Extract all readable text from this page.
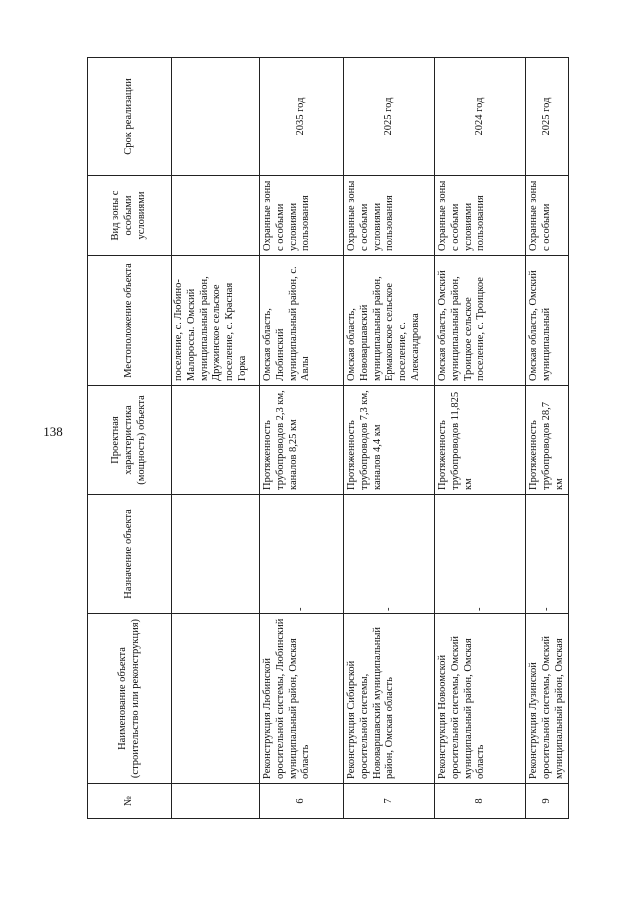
138
№	Наименование объекта (строительство или реконструкция)	Назначение объекта	Проектная характеристика (мощность) объекта	Местоположение объекта	Вид зоны с особыми условиями	Срок реализации
				поселение, с. Любино-Малороссы. Омский муниципальный район, Дружинское сельское поселение, с. Красная Горка		
6	Реконструкция Любинской оросительной системы, Любинский муниципальный район, Омская область	-	Протяженность трубопроводов 2,3 км, каналов 8,25 км	Омская область, Любинский муниципальный район, с. Авлы	Охранные зоны с особыми условиями пользования	2035 год
7	Реконструкция Сибирской оросительной системы, Нововаршавский муниципальный район, Омская область	-	Протяженность трубопроводов 7,3 км, каналов 4,4 км	Омская область, Нововаршавский муниципальный район, Ермаковское сельское поселение, с. Александровка	Охранные зоны с особыми условиями пользования	2025 год
8	Реконструкция Новоомской оросительной системы, Омский муниципальный район, Омская область	-	Протяженность трубопроводов 11,825 км	Омская область, Омский муниципальный район, Троицкое сельское поселение, с. Троицкое	Охранные зоны с особыми условиями пользования	2024 год
9	Реконструкция Лузинской оросительной системы, Омский муниципальный район, Омская	-	Протяженность трубопроводов 28,7 км	Омская область, Омский муниципальный	Охранные зоны с особыми	2025 год
